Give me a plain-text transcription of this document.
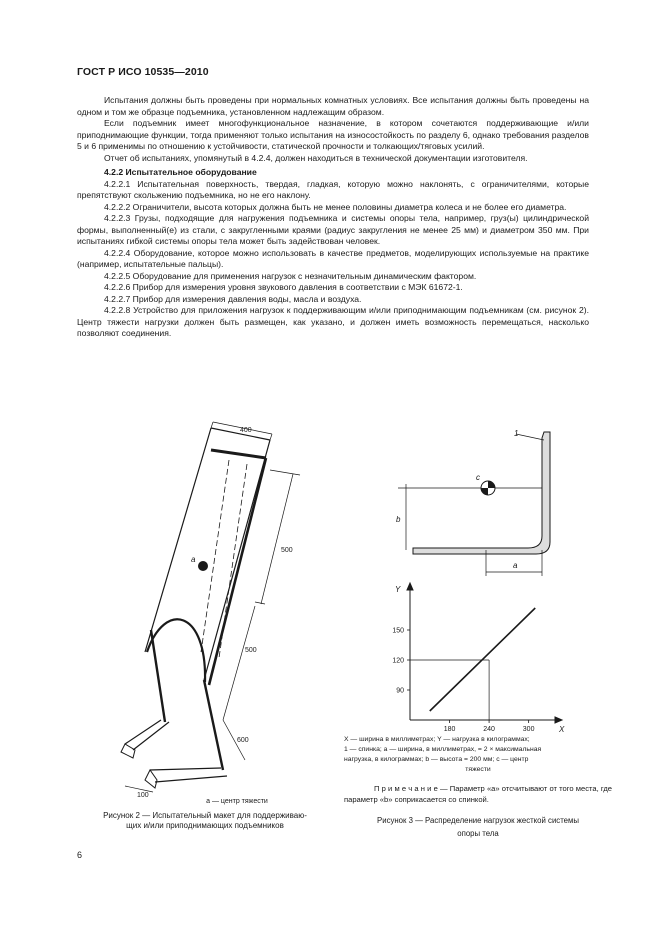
ГОСТ Р ИСО 10535—2010

Испытания должны быть проведены при нормальных комнатных условиях. Все испытания должны быть проведены на одном и том же образце подъемника, установленном надлежащим образом.

Если подъемник имеет многофункциональное назначение, в котором сочетаются поддерживающие и/или приподнимающие функции, тогда применяют только испытания на износостойкость по разделу 6, однако требования разделов 5 и 6 применимы по отношению к устойчивости, статической прочности и толкающих/тяговых усилий.

Отчет об испытаниях, упомянутый в 4.2.4, должен находиться в технической документации изготовителя.

4.2.2 Испытательное оборудование

4.2.2.1 Испытательная поверхность, твердая, гладкая, которую можно наклонять, с ограничителями, которые препятствуют скольжению подъемника, но не его наклону.

4.2.2.2 Ограничители, высота которых должна быть не менее половины диаметра колеса и не более его диаметра.

4.2.2.3 Грузы, подходящие для нагружения подъемника и системы опоры тела, например, груз(ы) цилиндрической формы, выполненный(е) из стали, с закругленными краями (радиус закругления не менее 25 мм) и диаметром 350 мм. При испытаниях гибкой системы опоры тела может быть задействован человек.

4.2.2.4 Оборудование, которое можно использовать в качестве предметов, моделирующих используемые на практике (например, испытательные пальцы).

4.2.2.5 Оборудование для применения нагрузок с незначительным динамическим фактором.

4.2.2.6 Прибор для измерения уровня звукового давления в соответствии с МЭК 61672-1.

4.2.2.7 Прибор для измерения давления воды, масла и воздуха.

4.2.2.8 Устройство для приложения нагрузок к поддерживающим и/или приподнимающим подъемникам (см. рисунок 2). Центр тяжести нагрузки должен быть размещен, как указано, и должен иметь возможность перемещаться, насколько позволяют соединения.

400
500
500
600
100
a
a — центр тяжести
Рисунок 2 — Испытательный макет для поддерживаю-
щих и/или приподнимающих подъемников
1
c
b
a
180	240	300
150
120
90
X
Y
X — ширина в миллиметрах; Y — нагрузка в килограммах;
1 — спинка; a — ширина, в миллиметрах, = 2 × максимальная
нагрузка, в килограммах; b — высота = 200 мм; c — центр
тяжести
П р и м е ч а н и е — Параметр «a» отсчитывают от того места, где параметр «b» соприкасается со спинкой.
Рисунок 3 — Распределение нагрузок жесткой системы
опоры тела
6
